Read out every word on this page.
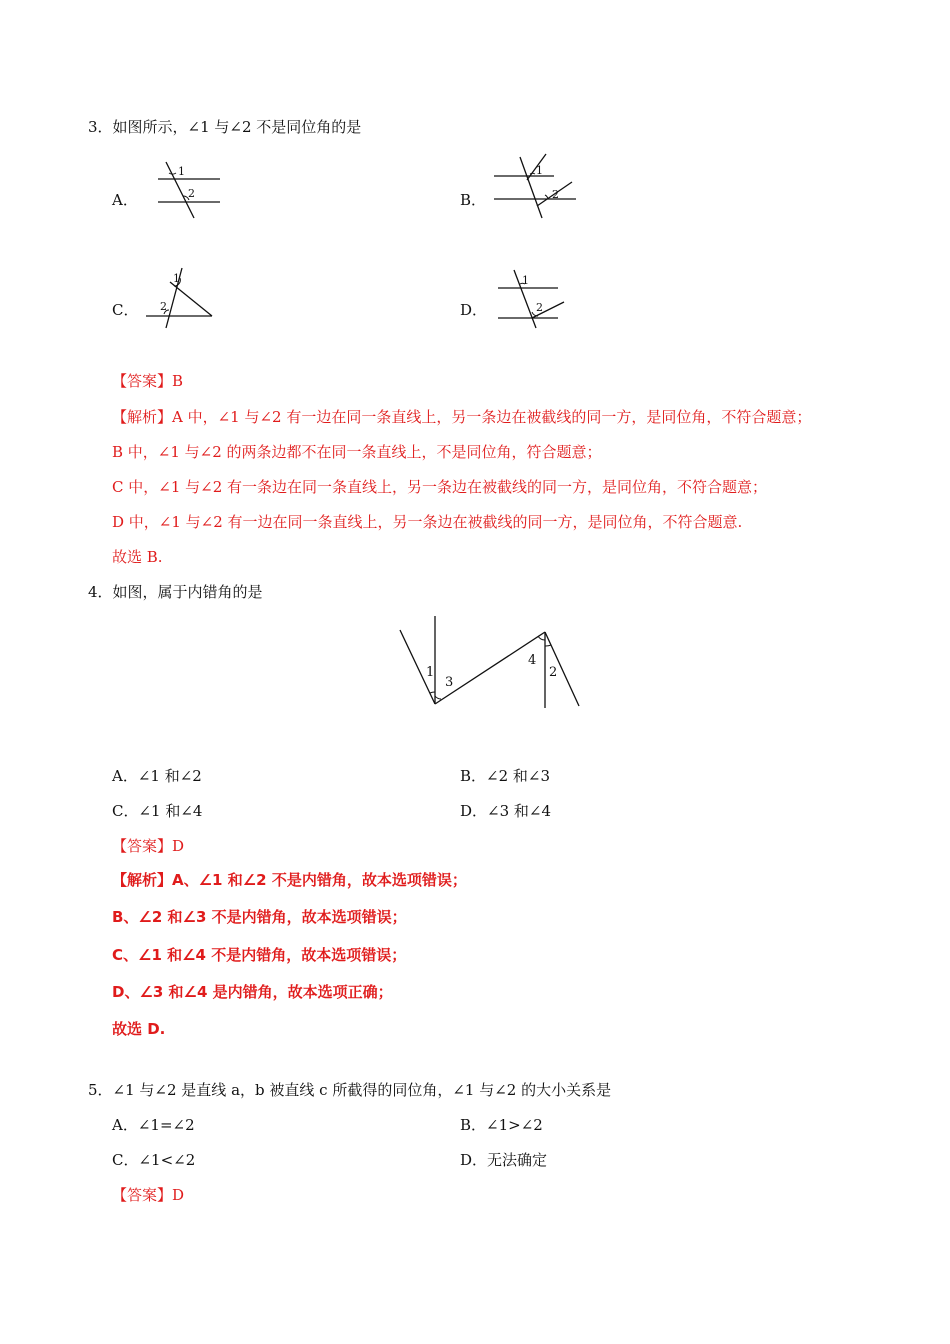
3．如图所示，∠1 与∠2 不是同位角的是
A．
1
2	B．
1
2
C．
1
2	D．
1
2
【答案】B
【解析】A 中，∠1 与∠2 有一边在同一条直线上，另一条边在被截线的同一方，是同位角，不符合题意；
B 中，∠1 与∠2 的两条边都不在同一条直线上，不是同位角，符合题意；
C 中，∠1 与∠2 有一条边在同一条直线上，另一条边在被截线的同一方，是同位角，不符合题意；
D 中，∠1 与∠2 有一边在同一条直线上，另一条边在被截线的同一方，是同位角，不符合题意.
故选 B.
4．如图，属于内错角的是
1
3
4
2
A．∠1 和∠2	B．∠2 和∠3
C．∠1 和∠4	D．∠3 和∠4
【答案】D
【解析】A、∠1 和∠2 不是内错角，故本选项错误；
B、∠2 和∠3 不是内错角，故本选项错误；
C、∠1 和∠4 不是内错角，故本选项错误；
D、∠3 和∠4 是内错角，故本选项正确；
故选 D.
5．∠1 与∠2 是直线 a，b 被直线 c 所截得的同位角，∠1 与∠2 的大小关系是
A．∠1=∠2	B．∠1>∠2
C．∠1<∠2	D．无法确定
【答案】D
